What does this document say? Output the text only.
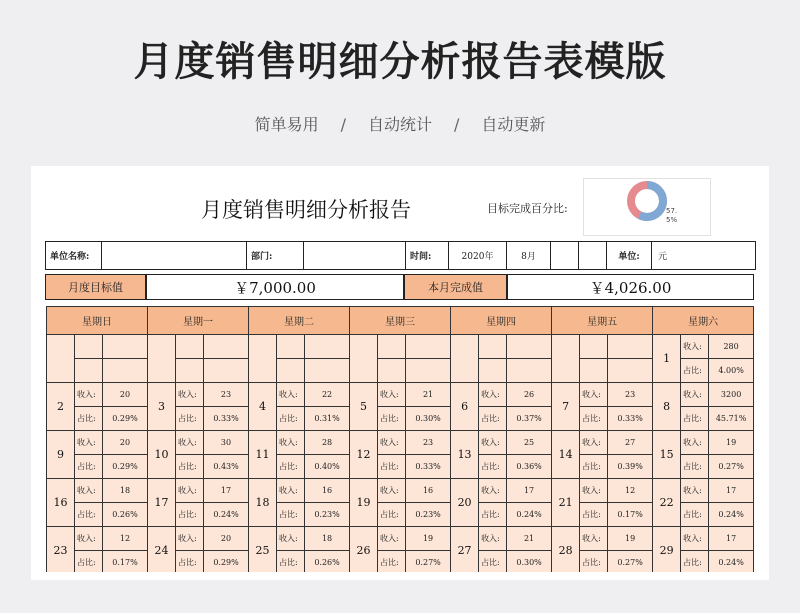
月度销售明细分析报告表模版
简单易用 / 自动统计 / 自动更新
月度销售明细分析报告	目标完成百分比:	57.5%
单位名称:	部门:	时间:	2020年	8月	单位:	元
月度目标值	￥7,000.00	本月完成值	￥4,026.00
星期日			星期一			星期二			星期三			星期四			星期五			星期六		
																		1	收入:	280
																			占比:	4.00%
2	收入:	20	3	收入:	23	4	收入:	22	5	收入:	21	6	收入:	26	7	收入:	23	8	收入:	3200
	占比:	0.29%		占比:	0.33%		占比:	0.31%		占比:	0.30%		占比:	0.37%		占比:	0.33%		占比:	45.71%
9	收入:	20	10	收入:	30	11	收入:	28	12	收入:	23	13	收入:	25	14	收入:	27	15	收入:	19
	占比:	0.29%		占比:	0.43%		占比:	0.40%		占比:	0.33%		占比:	0.36%		占比:	0.39%		占比:	0.27%
16	收入:	18	17	收入:	17	18	收入:	16	19	收入:	16	20	收入:	17	21	收入:	12	22	收入:	17
	占比:	0.26%		占比:	0.24%		占比:	0.23%		占比:	0.23%		占比:	0.24%		占比:	0.17%		占比:	0.24%
23	收入:	12	24	收入:	20	25	收入:	18	26	收入:	19	27	收入:	21	28	收入:	19	29	收入:	17
	占比:	0.17%		占比:	0.29%		占比:	0.26%		占比:	0.27%		占比:	0.30%		占比:	0.27%		占比:	0.24%
